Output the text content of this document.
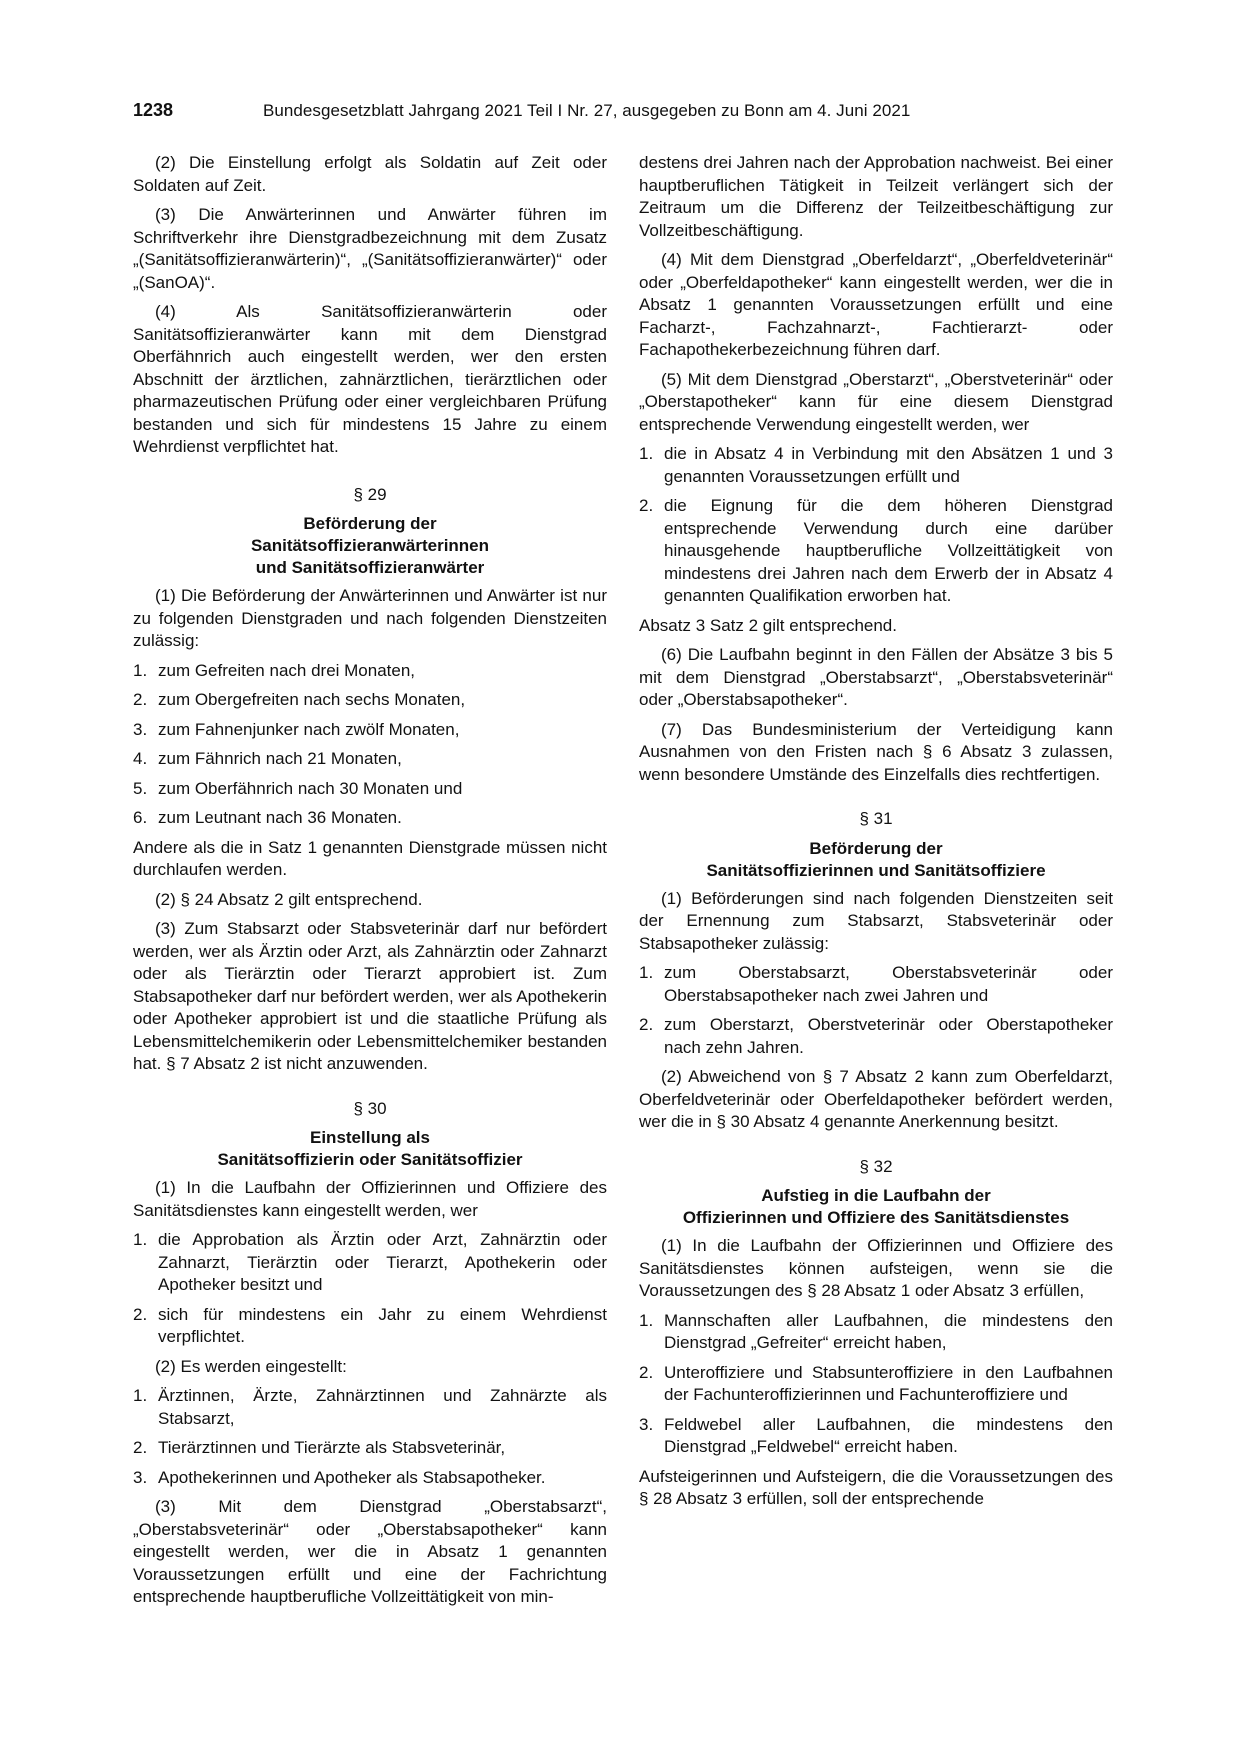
1238	Bundesgesetzblatt Jahrgang 2021 Teil I Nr. 27, ausgegeben zu Bonn am 4. Juni 2021

(2) Die Einstellung erfolgt als Soldatin auf Zeit oder Soldaten auf Zeit.

(3) Die Anwärterinnen und Anwärter führen im Schriftverkehr ihre Dienstgradbezeichnung mit dem Zusatz „(Sanitätsoffizieranwärterin)“, „(Sanitätsoffizieranwärter)“ oder „(SanOA)“.

(4) Als Sanitätsoffizieranwärterin oder Sanitätsoffizieranwärter kann mit dem Dienstgrad Oberfähnrich auch eingestellt werden, wer den ersten Abschnitt der ärztlichen, zahnärztlichen, tierärztlichen oder pharmazeutischen Prüfung oder einer vergleichbaren Prüfung bestanden und sich für mindestens 15 Jahre zu einem Wehrdienst verpflichtet hat.

§ 29
Beförderung der
Sanitätsoffizieranwärterinnen
und Sanitätsoffizieranwärter

(1) Die Beförderung der Anwärterinnen und Anwärter ist nur zu folgenden Dienstgraden und nach folgenden Dienstzeiten zulässig:

1. zum Gefreiten nach drei Monaten,
2. zum Obergefreiten nach sechs Monaten,
3. zum Fahnenjunker nach zwölf Monaten,
4. zum Fähnrich nach 21 Monaten,
5. zum Oberfähnrich nach 30 Monaten und
6. zum Leutnant nach 36 Monaten.

Andere als die in Satz 1 genannten Dienstgrade müssen nicht durchlaufen werden.

(2) § 24 Absatz 2 gilt entsprechend.

(3) Zum Stabsarzt oder Stabsveterinär darf nur befördert werden, wer als Ärztin oder Arzt, als Zahnärztin oder Zahnarzt oder als Tierärztin oder Tierarzt approbiert ist. Zum Stabsapotheker darf nur befördert werden, wer als Apothekerin oder Apotheker approbiert ist und die staatliche Prüfung als Lebensmittelchemikerin oder Lebensmittelchemiker bestanden hat. § 7 Absatz 2 ist nicht anzuwenden.

§ 30
Einstellung als
Sanitätsoffizierin oder Sanitätsoffizier

(1) In die Laufbahn der Offizierinnen und Offiziere des Sanitätsdienstes kann eingestellt werden, wer

1. die Approbation als Ärztin oder Arzt, Zahnärztin oder Zahnarzt, Tierärztin oder Tierarzt, Apothekerin oder Apotheker besitzt und
2. sich für mindestens ein Jahr zu einem Wehrdienst verpflichtet.

(2) Es werden eingestellt:

1. Ärztinnen, Ärzte, Zahnärztinnen und Zahnärzte als Stabsarzt,
2. Tierärztinnen und Tierärzte als Stabsveterinär,
3. Apothekerinnen und Apotheker als Stabsapotheker.

(3) Mit dem Dienstgrad „Oberstabsarzt“, „Oberstabsveterinär“ oder „Oberstabsapotheker“ kann eingestellt werden, wer die in Absatz 1 genannten Voraussetzungen erfüllt und eine der Fachrichtung entsprechende hauptberufliche Vollzeittätigkeit von min-

destens drei Jahren nach der Approbation nachweist. Bei einer hauptberuflichen Tätigkeit in Teilzeit verlängert sich der Zeitraum um die Differenz der Teilzeitbeschäftigung zur Vollzeitbeschäftigung.

(4) Mit dem Dienstgrad „Oberfeldarzt“, „Oberfeldveterinär“ oder „Oberfeldapotheker“ kann eingestellt werden, wer die in Absatz 1 genannten Voraussetzungen erfüllt und eine Facharzt-, Fachzahnarzt-, Fachtierarzt- oder Fachapothekerbezeichnung führen darf.

(5) Mit dem Dienstgrad „Oberstarzt“, „Oberstveterinär“ oder „Oberstapotheker“ kann für eine diesem Dienstgrad entsprechende Verwendung eingestellt werden, wer

1. die in Absatz 4 in Verbindung mit den Absätzen 1 und 3 genannten Voraussetzungen erfüllt und
2. die Eignung für die dem höheren Dienstgrad entsprechende Verwendung durch eine darüber hinausgehende hauptberufliche Vollzeittätigkeit von mindestens drei Jahren nach dem Erwerb der in Absatz 4 genannten Qualifikation erworben hat.

Absatz 3 Satz 2 gilt entsprechend.

(6) Die Laufbahn beginnt in den Fällen der Absätze 3 bis 5 mit dem Dienstgrad „Oberstabsarzt“, „Oberstabsveterinär“ oder „Oberstabsapotheker“.

(7) Das Bundesministerium der Verteidigung kann Ausnahmen von den Fristen nach § 6 Absatz 3 zulassen, wenn besondere Umstände des Einzelfalls dies rechtfertigen.

§ 31
Beförderung der
Sanitätsoffizierinnen und Sanitätsoffiziere

(1) Beförderungen sind nach folgenden Dienstzeiten seit der Ernennung zum Stabsarzt, Stabsveterinär oder Stabsapotheker zulässig:

1. zum Oberstabsarzt, Oberstabsveterinär oder Oberstabsapotheker nach zwei Jahren und
2. zum Oberstarzt, Oberstveterinär oder Oberstapotheker nach zehn Jahren.

(2) Abweichend von § 7 Absatz 2 kann zum Oberfeldarzt, Oberfeldveterinär oder Oberfeldapotheker befördert werden, wer die in § 30 Absatz 4 genannte Anerkennung besitzt.

§ 32
Aufstieg in die Laufbahn der
Offizierinnen und Offiziere des Sanitätsdienstes

(1) In die Laufbahn der Offizierinnen und Offiziere des Sanitätsdienstes können aufsteigen, wenn sie die Voraussetzungen des § 28 Absatz 1 oder Absatz 3 erfüllen,

1. Mannschaften aller Laufbahnen, die mindestens den Dienstgrad „Gefreiter“ erreicht haben,
2. Unteroffiziere und Stabsunteroffiziere in den Laufbahnen der Fachunteroffizierinnen und Fachunteroffiziere und
3. Feldwebel aller Laufbahnen, die mindestens den Dienstgrad „Feldwebel“ erreicht haben.

Aufsteigerinnen und Aufsteigern, die die Voraussetzungen des § 28 Absatz 3 erfüllen, soll der entsprechende
